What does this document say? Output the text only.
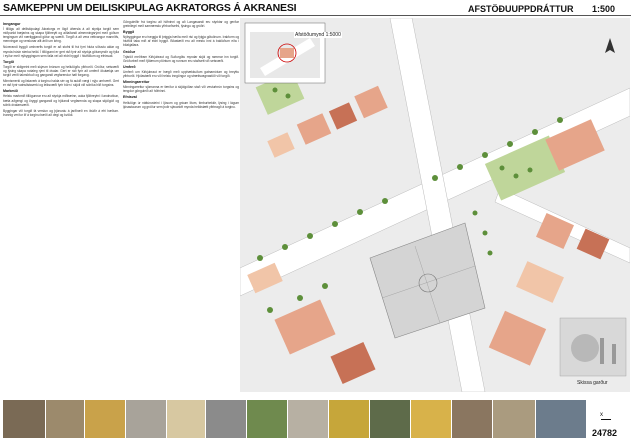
SAMKEPPNI UM DEILISKIPULAG AKRATORGS Á AKRANESI	AFSTÖÐUUPPDRÁTTUR 1:500
Inngangur

Í tillögu að deiliskipulagi Akratorgs er lögð áhersla á að styrkja torgið sem miðpunkt bæjarins og skapa fjölbreytt og aðlaðandi almenningsrými með góðum tengingum við nærliggjandi götur og svæði. Torgið á að vera vettvangur mannlífs, menningar og verslunar allt árið um kring.

Núverandi byggð umhverfis torgið er að stofni til frá fyrri hluta síðustu aldar og mynda húsin sterka heild. Í tillögunni er gert ráð fyrir að styrkja götumyndir og fylla í eyður með nýbyggingum sem falla vel að eldri byggð í hlutföllum og efnisvali.

Torgið

Torgið er skilgreint með skýrum brúnum og hellulögðu yfirborði. Gróður, setsvæði og lýsing skapa notaleg rými til dvalar. Gert er ráð fyrir að umferð ökutækja um torgið verði takmörkuð og gangandi vegfarendur hafi forgang.

Minnismerki og listaverk á torginu halda sér og fá aukið vægi í nýju umhverfi. Gert er ráð fyrir vatnslistaverki og leiksvæði fyrir börn í skjóli við sólríka hlið torgsins.

Markmið

Helstu markmið tillögunnar eru að styrkja miðbæinn, auka fjölbreytni í landnotkun, bæta aðgengi og öryggi gangandi og hjólandi vegfarenda og skapa skjólgóð og sólrík dvalarsvæði.

Byggingar við torgið fá verslun og þjónustu á jarðhæð en íbúðir á efri hæðum. Þannig verður líf á torginu bæði að degi og kvöldi.

Gönguleiðir frá torginu að höfninni og að Langasandi eru styrktar og gerðar greinilegri með samræmdu yfirborðsefni, lýsingu og gróðri.

Byggð

Nýbyggingar eru tveggja til þriggja hæða með risi og fylgja götulínum. Þakform og hlutföll taka mið af eldri byggð. Bílastæði eru að mestu inni á baklóðum eða í bílakjallara.

Gróður

Trjáröð meðfram Kirkjubraut og Suðurgötu myndar skjól og rammar inn torgið. Gróðurbeð með fjölærum plöntum og runnum eru staðsett við setsvæði.

Umferð

Umferð um Kirkjubraut er hægð með upphækkuðum gatnamótum og breyttu yfirborði. Hjólastæði eru við helstu inngöngur og strætisvagnastöð við torgið.

Minningarreitur

Minningarreitur sjómanna er færður á skjólgóðan stað við vesturbrún torgsins og tengdur gönguleið að höfninni.

Efnisval

Hellulögn úr náttúrusteini í ljósum og gráum litum, timburbekkir, lýsing í lágum ljósastaurum og gróður sem þolir sjávarloft mynda heildstætt yfirbragð á torginu.

Afstöðumynd 1:5000
Skissa garður
x
24782
